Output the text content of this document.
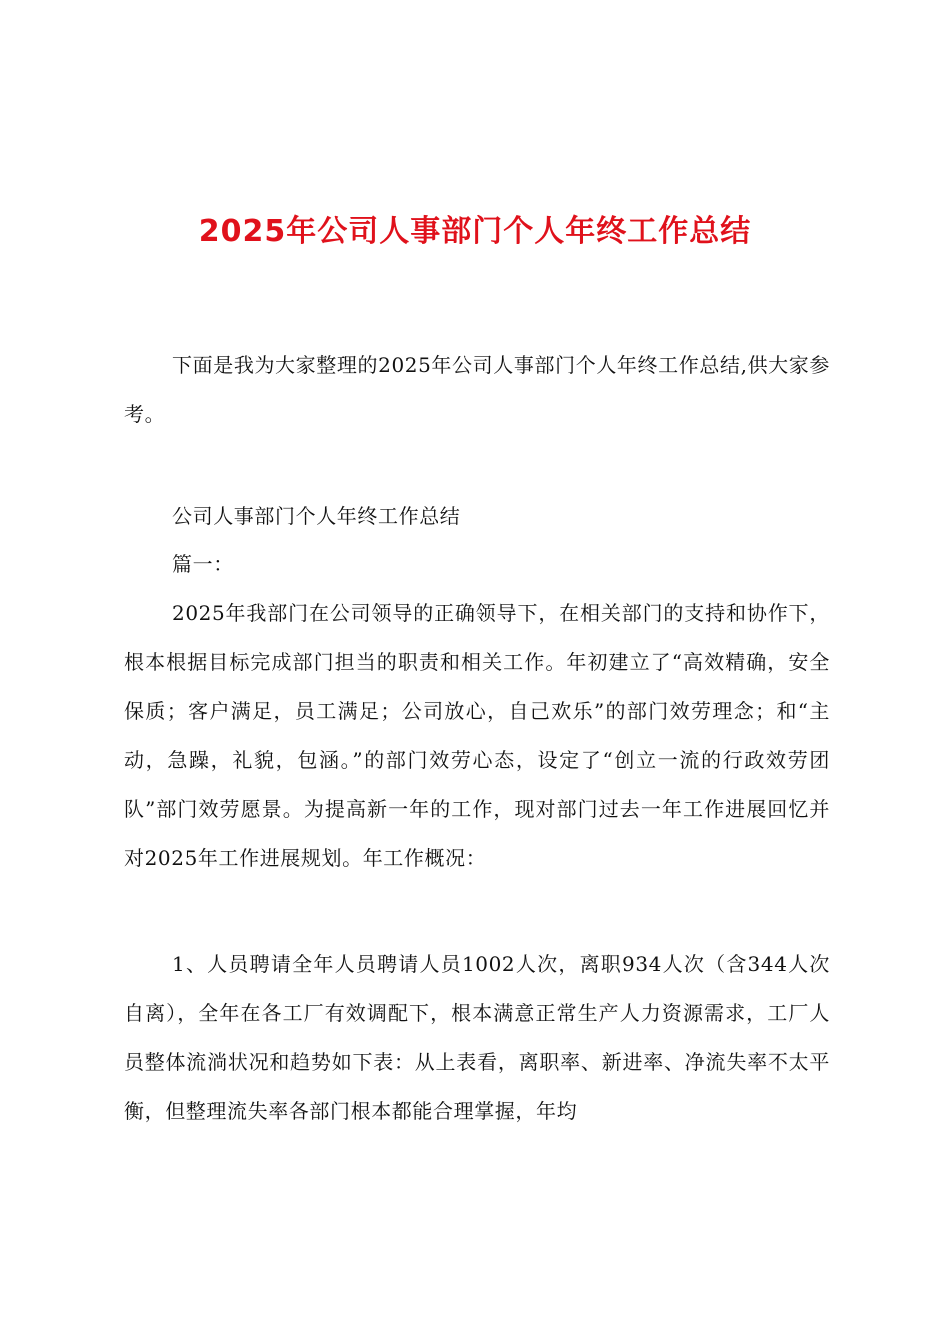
2025年公司人事部门个人年终工作总结

下面是我为大家整理的2025年公司人事部门个人年终工作总结,供大家参考。

公司人事部门个人年终工作总结

篇一：

2025年我部门在公司领导的正确领导下，在相关部门的支持和协作下，根本根据目标完成部门担当的职责和相关工作。年初建立了“高效精确，安全保质；客户满足，员工满足；公司放心，自己欢乐”的部门效劳理念；和“主动，急躁，礼貌，包涵。”的部门效劳心态，设定了“创立一流的行政效劳团队”部门效劳愿景。为提高新一年的工作，现对部门过去一年工作进展回忆并对2025年工作进展规划。年工作概况：

1、人员聘请全年人员聘请人员1002人次，离职934人次（含344人次自离），全年在各工厂有效调配下，根本满意正常生产人力资源需求，工厂人员整体流淌状况和趋势如下表：从上表看，离职率、新进率、净流失率不太平衡，但整理流失率各部门根本都能合理掌握，年均
